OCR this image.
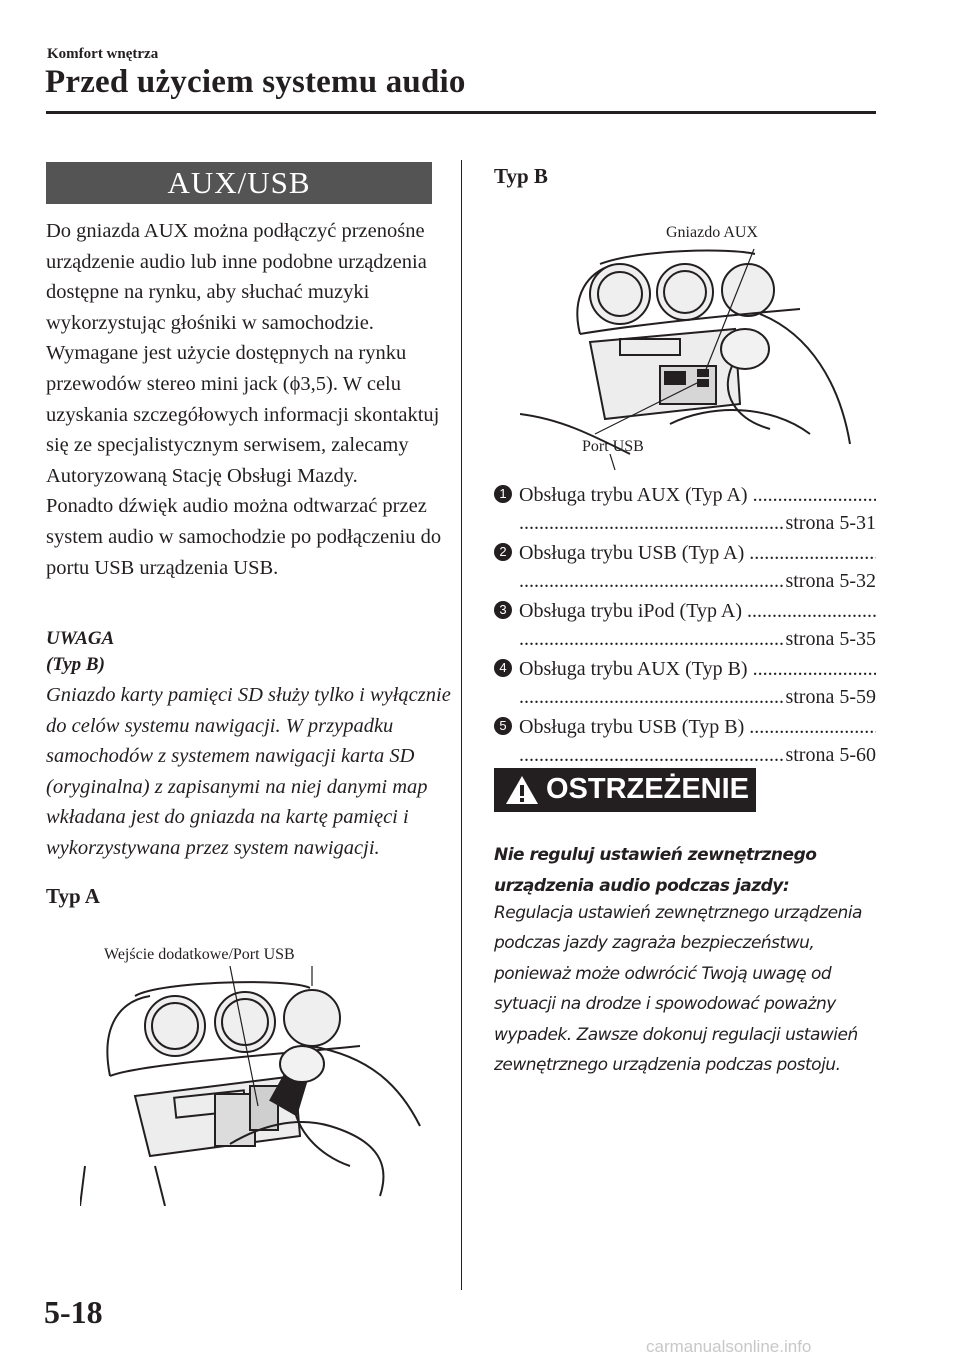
Komfort wnętrza
Przed użyciem systemu audio
AUX/USB

Do gniazda AUX można podłączyć przenośne urządzenie audio lub inne podobne urządzenia dostępne na rynku, aby słuchać muzyki wykorzystując głośniki w samochodzie.

Wymagane jest użycie dostępnych na rynku przewodów stereo mini jack (ϕ3,5). W celu uzyskania szczegółowych informacji skontaktuj się ze specjalistycznym serwisem, zalecamy Autoryzowaną Stację Obsługi Mazdy.

Ponadto dźwięk audio można odtwarzać przez system audio w samochodzie po podłączeniu do portu USB urządzenia USB.

UWAGA
(Typ B)
Gniazdo karty pamięci SD służy tylko i wyłącznie do celów systemu nawigacji. W przypadku samochodów z systemem nawigacji karta SD (oryginalna) z zapisanymi na niej danymi map wkładana jest do gniazda na kartę pamięci i wykorzystywana przez system nawigacji.
Typ A
Wejście dodatkowe/Port USB
Typ B
Gniazdo AUX
Port USB
1 Obsługa trybu AUX (Typ A) .....
.....
strona 5-31
2 Obsługa trybu USB (Typ A) .....
.....
strona 5-32
3 Obsługa trybu iPod (Typ A) .....
.....
strona 5-35
4 Obsługa trybu AUX (Typ B) .....
.....
strona 5-59
5 Obsługa trybu USB (Typ B) .....
.....
strona 5-60
OSTRZEŻENIE
Nie reguluj ustawień zewnętrznego urządzenia audio podczas jazdy:
Regulacja ustawień zewnętrznego urządzenia podczas jazdy zagraża bezpieczeństwu, ponieważ może odwrócić Twoją uwagę od sytuacji na drodze i spowodować poważny wypadek. Zawsze dokonuj regulacji ustawień zewnętrznego urządzenia podczas postoju.
5-18
carmanualsonline.info
